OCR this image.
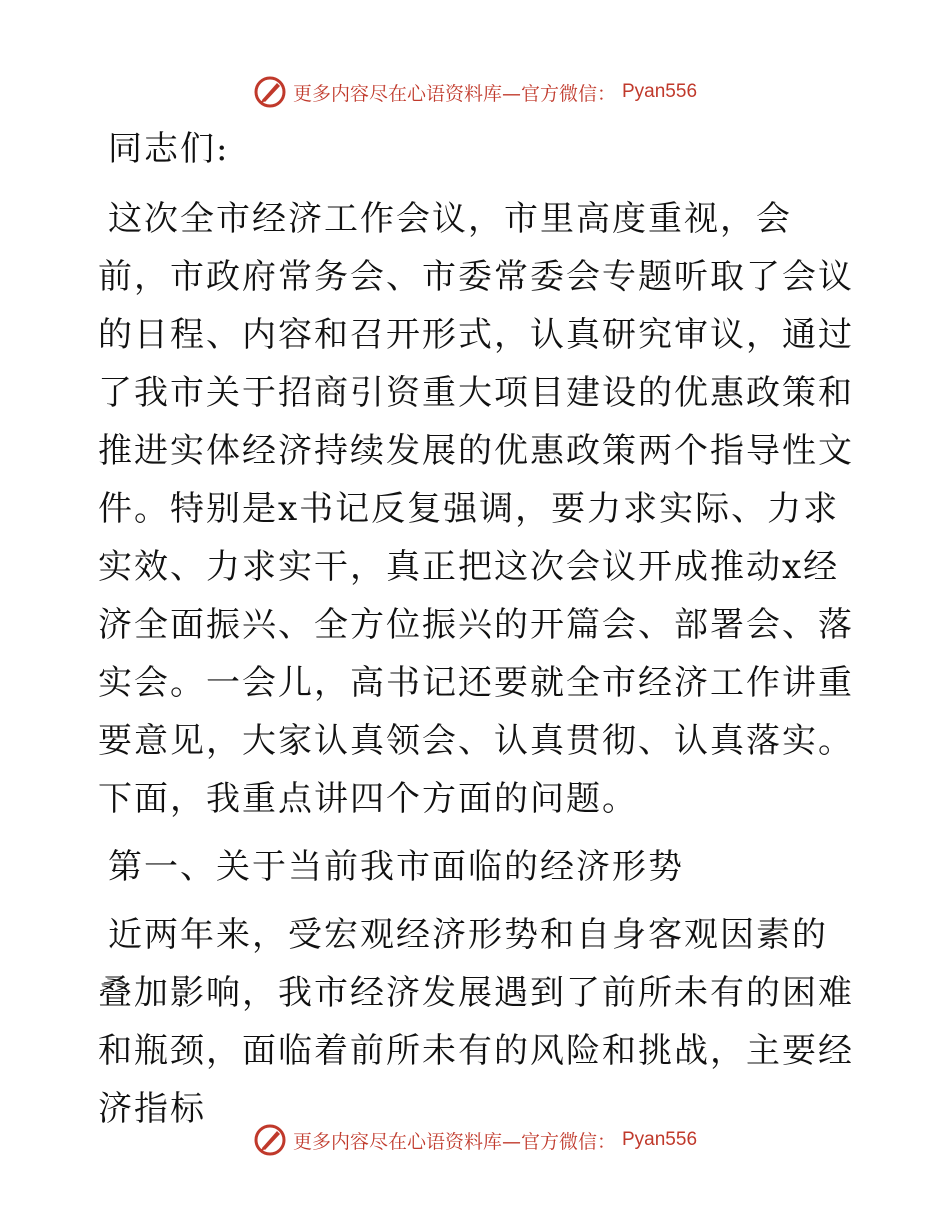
更多内容尽在心语资料库—官方微信： Pyan556

同志们:

这次全市经济工作会议，市里高度重视，会前，市政府常务会、市委常委会专题听取了会议的日程、内容和召开形式，认真研究审议，通过了我市关于招商引资重大项目建设的优惠政策和推进实体经济持续发展的优惠政策两个指导性文件。特别是x书记反复强调，要力求实际、力求实效、力求实干，真正把这次会议开成推动x经济全面振兴、全方位振兴的开篇会、部署会、落实会。一会儿，高书记还要就全市经济工作讲重要意见，大家认真领会、认真贯彻、认真落实。下面，我重点讲四个方面的问题。

第一、关于当前我市面临的经济形势

近两年来，受宏观经济形势和自身客观因素的叠加影响，我市经济发展遇到了前所未有的困难和瓶颈，面临着前所未有的风险和挑战，主要经济指标

更多内容尽在心语资料库—官方微信： Pyan556
